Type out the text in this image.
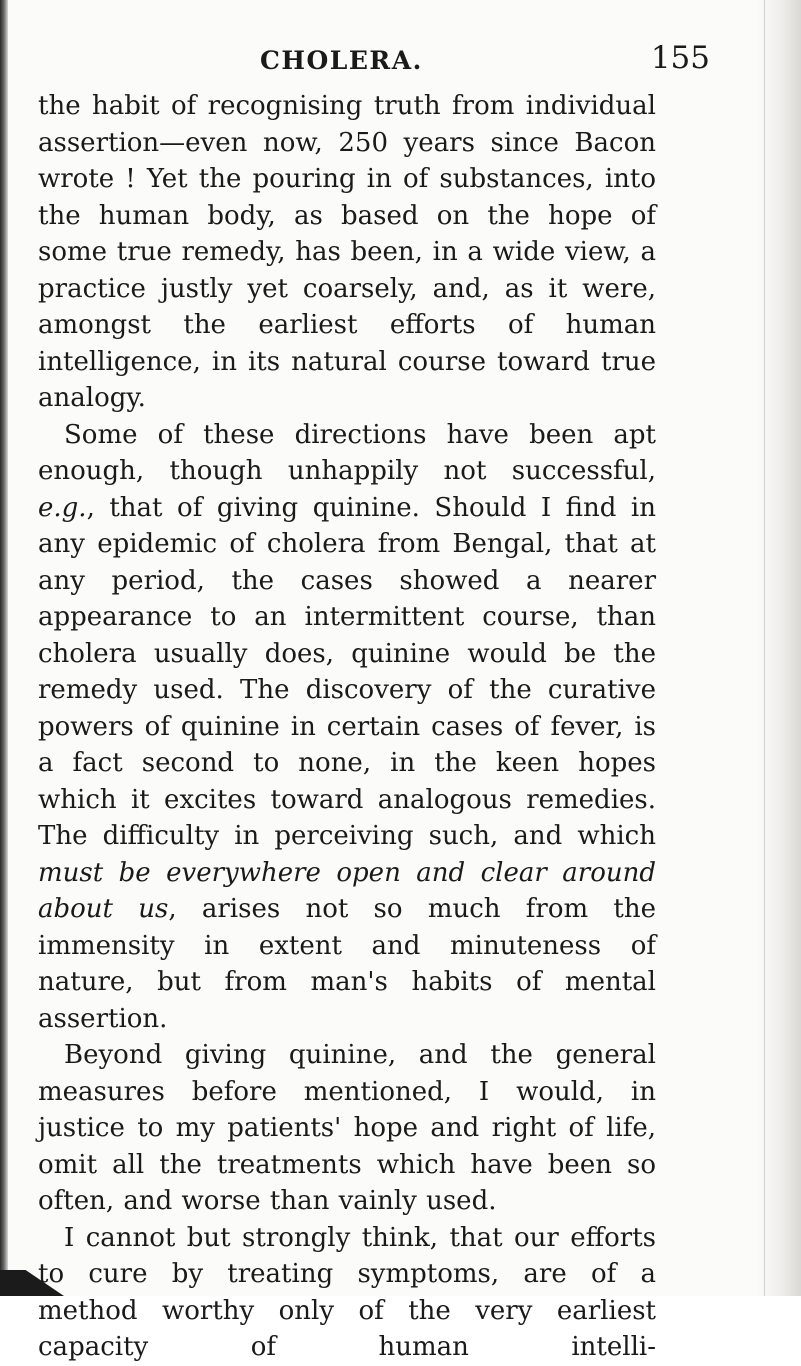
CHOLERA.	155

the habit of recognising truth from individual assertion—even now, 250 years since Bacon wrote ! Yet the pouring in of substances, into the human body, as based on the hope of some true remedy, has been, in a wide view, a practice justly yet coarsely, and, as it were, amongst the earliest efforts of human intelligence, in its natural course toward true analogy.

Some of these directions have been apt enough, though unhappily not successful, e.g., that of giving quinine. Should I find in any epidemic of cholera from Bengal, that at any period, the cases showed a nearer appearance to an intermittent course, than cholera usually does, quinine would be the remedy used. The discovery of the curative powers of quinine in certain cases of fever, is a fact second to none, in the keen hopes which it excites toward analogous remedies. The difficulty in perceiving such, and which must be everywhere open and clear around about us, arises not so much from the immensity in extent and minuteness of nature, but from man's habits of mental assertion.

Beyond giving quinine, and the general measures before mentioned, I would, in justice to my patients' hope and right of life, omit all the treatments which have been so often, and worse than vainly used.

I cannot but strongly think, that our efforts to cure by treating symptoms, are of a method worthy only of the very earliest capacity of human intelli-
